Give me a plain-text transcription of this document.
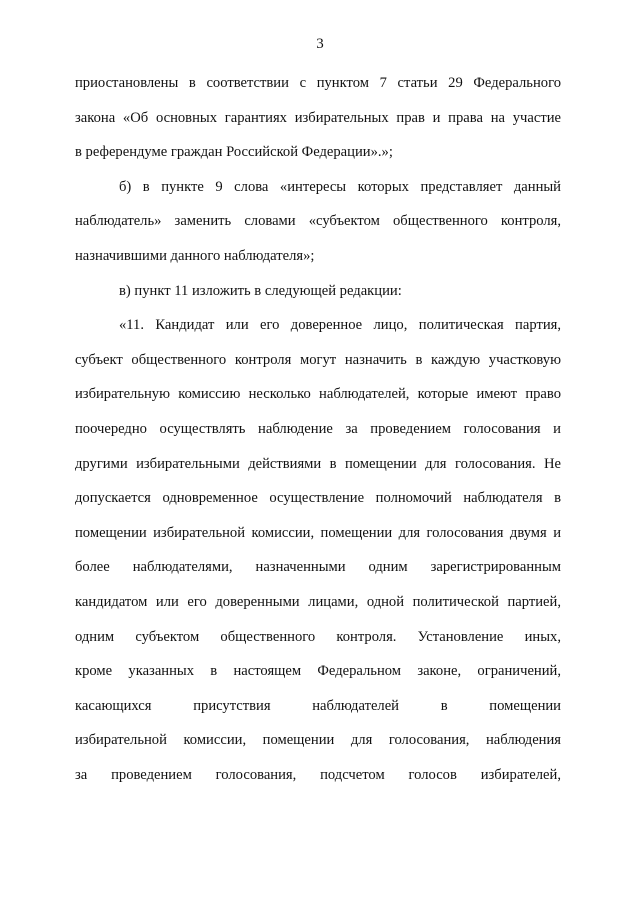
3
приостановлены в соответствии с пунктом 7 статьи 29 Федерального
закона «Об основных гарантиях избирательных прав и права на участие
в референдуме граждан Российской Федерации».»;
б) в пункте 9 слова «интересы которых представляет данный
наблюдатель» заменить словами «субъектом общественного контроля,
назначившими данного наблюдателя»;
в) пункт 11 изложить в следующей редакции:
«11. Кандидат или его доверенное лицо, политическая партия,
субъект общественного контроля могут назначить в каждую участковую
избирательную комиссию несколько наблюдателей, которые имеют право
поочередно осуществлять наблюдение за проведением голосования и
другими избирательными действиями в помещении для голосования. Не
допускается одновременное осуществление полномочий наблюдателя в
помещении избирательной комиссии, помещении для голосования двумя и
более наблюдателями, назначенными одним зарегистрированным
кандидатом или его доверенными лицами, одной политической партией,
одним субъектом общественного контроля. Установление иных,
кроме указанных в настоящем Федеральном законе, ограничений,
касающихся присутствия наблюдателей в помещении
избирательной комиссии, помещении для голосования, наблюдения
за проведением голосования, подсчетом голосов избирателей,
